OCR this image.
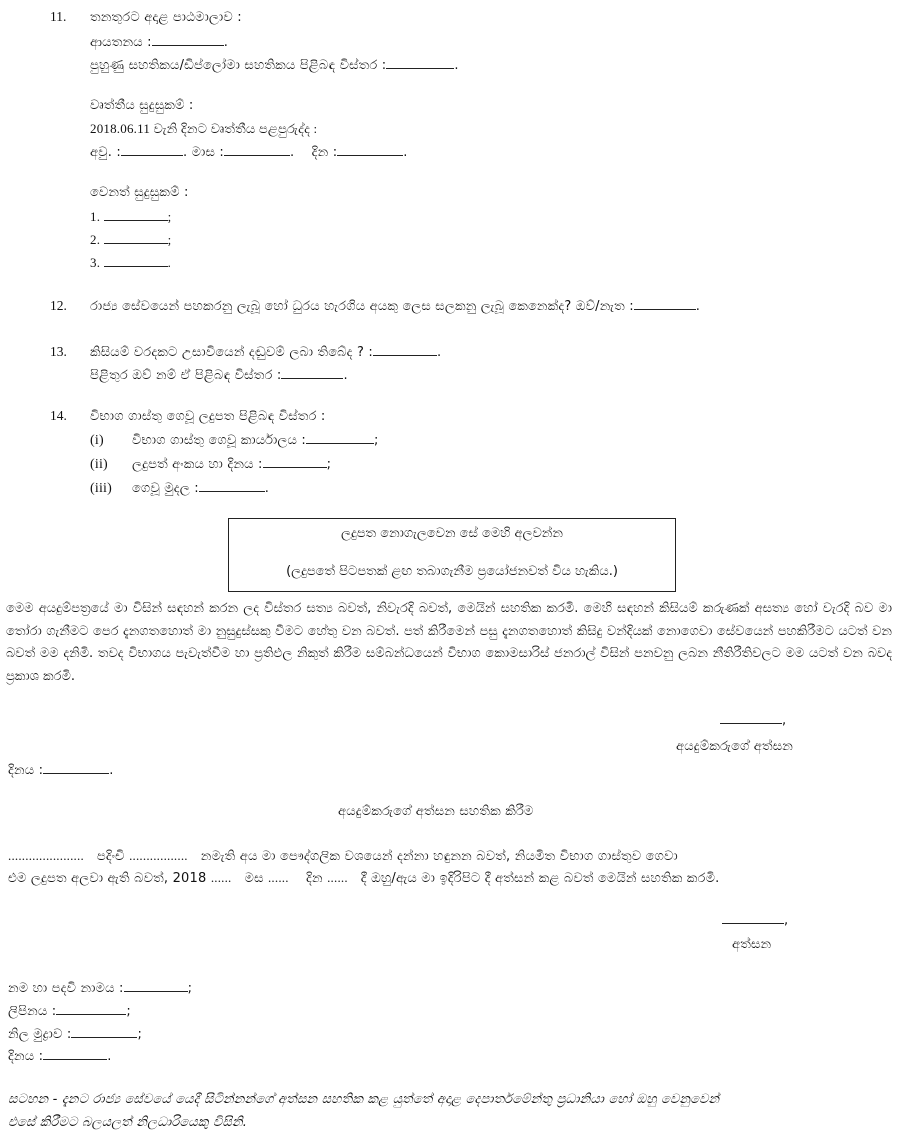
11. තනතුරට අදාළ පාඨමාලාව :
ආයතනය :	.
පුහුණු සහතිකය/ඩිප්ලෝමා සහතිකය පිළිබඳ විස්තර :	.
වෘත්තීය සුදුසුකම් :
2018.06.11 වැනි දිනට වෘත්තීය පළපුරුද්ද :
අවු. :	. මාස :	.    දින :	.
වෙනත් සුදුසුකම් :
1.	;
2.	;
3.	.
12. රාජ්‍ය සේවයෙන් පහකරනු ලැබූ හෝ ධුරය හැරගිය අයකු ලෙස සලකනු ලැබූ කෙනෙක්ද? ඔව්/නැත :	.
13. කිසියම් වරදකට උසාවියෙන් දඬුවම් ලබා තිබේද ? :	.
පිළිතුර ඔව් නම් ඒ පිළිබඳ විස්තර :	.
14. විභාග ගාස්තු ගෙවූ ලදුපත පිළිබඳ විස්තර :
(i) විභාග ගාස්තු ගෙවූ කාර්යාලය :	;
(ii) ලදුපත් අංකය හා දිනය :	;
(iii) ගෙවූ මුදල :	.
ලදුපත නොගැලවෙන සේ මෙහි අලවන්න
(ලදුපතේ පිටපතක් ළඟ තබාගැනීම ප්‍රයෝජනවත් විය හැකිය.)
මෙම අයදුම්පත්‍රයේ මා විසින් සඳහන් කරන ලද විස්තර සත්‍ය බවත්, නිවැරදි බවත්, මෙයින් සහතික කරමි. මෙහි සඳහන් කිසියම් කරුණක් අසත්‍ය හෝ වැරදි බව මා තෝරා ගැනීමට පෙර දැනගතහොත් මා නුසුදුස්සකු වීමට හේතු වන බවත්. පත් කිරීමෙන් පසු දැනගතහොත් කිසිදු වන්දියක් නොගෙවා සේවයෙන් පහකිරීමට යටත් වන බවත් මම දනිමි. තවද විභාගය පැවැත්වීම හා ප්‍රතිඵල නිකුත් කිරීම සම්බන්ධයෙන් විභාග කොමසාරිස් ජනරාල් විසින් පනවනු ලබන නීතිරීතිවලට මම යටත් වන බවද ප්‍රකාශ කරමි.
,
අයදුම්කරුගේ අත්සන
දිනය :	.
අයදුම්කරුගේ අත්සන සහතික කිරීම
...................... පදිංචි ................. නමැති අය මා පෞද්ගලික වශයෙන් දන්නා හඳුනන බවත්, නියමිත විභාග ගාස්තුව ගෙවා
එම ලදුපත අලවා ඇති බවත්, 2018 ...... මස ...... දින ...... දී ඔහු/ඇය මා ඉදිරිපිට දී අත්සන් කළ බවත් මෙයින් සහතික කරමි.
,
අත්සන
නම හා පදවි නාමය :	;
ලිපිනය :	;
නිල මුද්‍රාව :	;
දිනය :	.
සටහන - දැනට රාජ්‍ය සේවයේ යෙදී සිටින්නන්ගේ අත්සන සහතික කළ යුත්තේ අදාළ දෙපාර්තමේන්තු ප්‍රධානියා හෝ ඔහු වෙනුවෙන්
එසේ කිරීමට බලයලත් නිලධාරියෙකු විසිනි.
